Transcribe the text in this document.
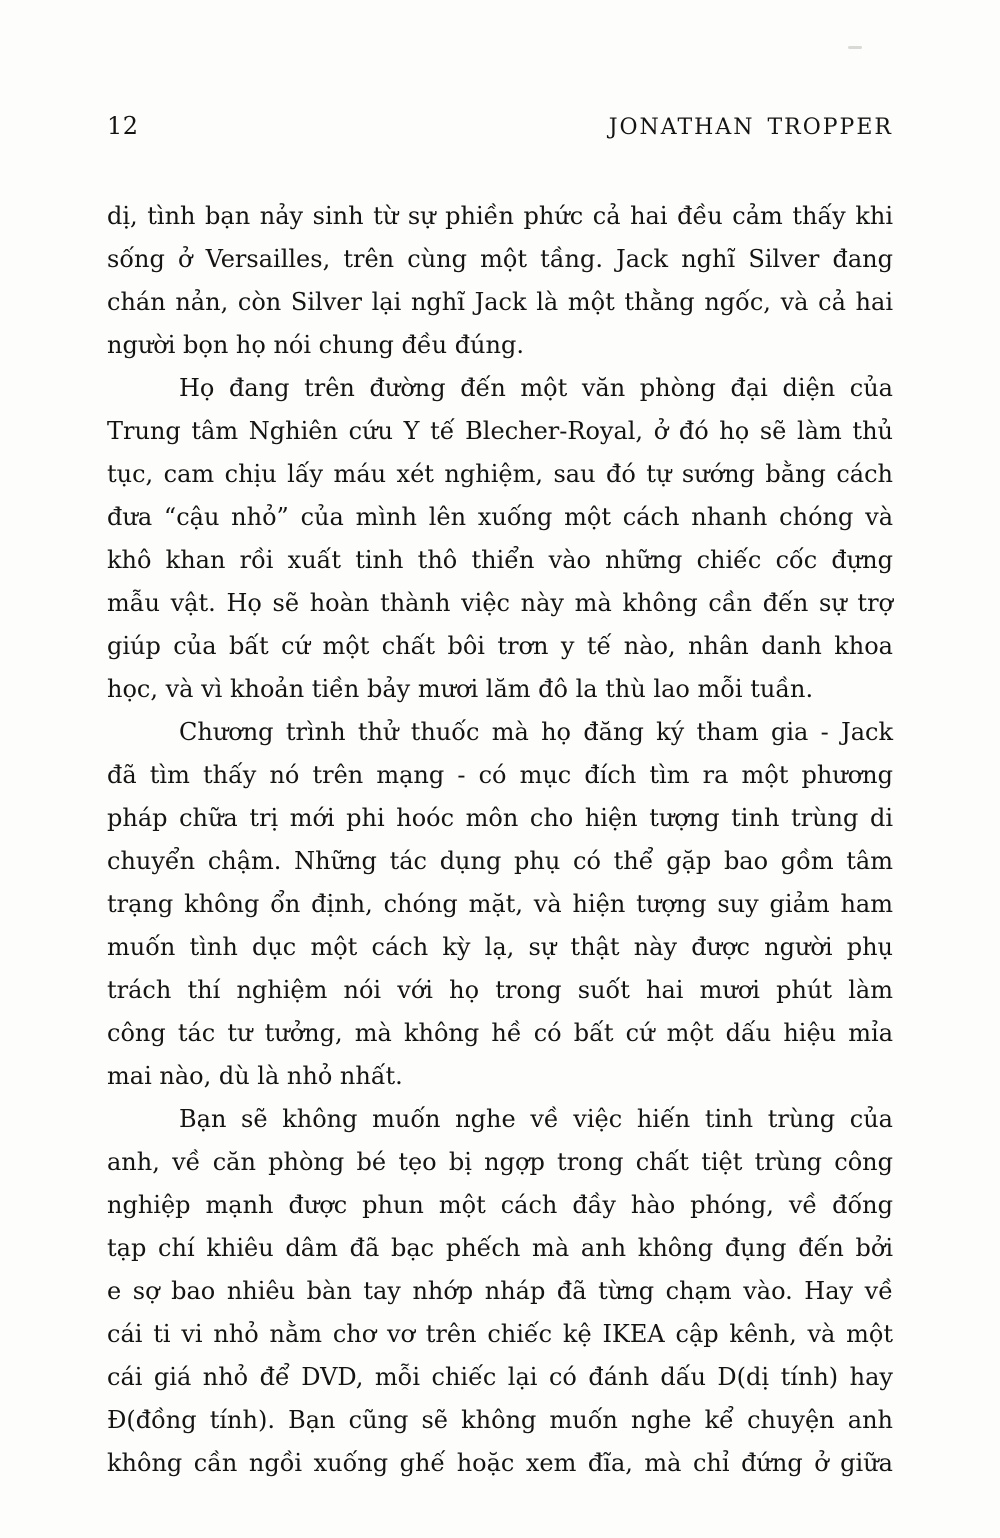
12	JONATHAN TROPPER
dị, tình bạn nảy sinh từ sự phiền phức cả hai đều cảm thấy khi
sống ở Versailles, trên cùng một tầng. Jack nghĩ Silver đang
chán nản, còn Silver lại nghĩ Jack là một thằng ngốc, và cả hai
người bọn họ nói chung đều đúng.
Họ đang trên đường đến một văn phòng đại diện của
Trung tâm Nghiên cứu Y tế Blecher-Royal, ở đó họ sẽ làm thủ
tục, cam chịu lấy máu xét nghiệm, sau đó tự sướng bằng cách
đưa “cậu nhỏ” của mình lên xuống một cách nhanh chóng và
khô khan rồi xuất tinh thô thiển vào những chiếc cốc đựng
mẫu vật. Họ sẽ hoàn thành việc này mà không cần đến sự trợ
giúp của bất cứ một chất bôi trơn y tế nào, nhân danh khoa
học, và vì khoản tiền bảy mươi lăm đô la thù lao mỗi tuần.
Chương trình thử thuốc mà họ đăng ký tham gia - Jack
đã tìm thấy nó trên mạng - có mục đích tìm ra một phương
pháp chữa trị mới phi hoóc môn cho hiện tượng tinh trùng di
chuyển chậm. Những tác dụng phụ có thể gặp bao gồm tâm
trạng không ổn định, chóng mặt, và hiện tượng suy giảm ham
muốn tình dục một cách kỳ lạ, sự thật này được người phụ
trách thí nghiệm nói với họ trong suốt hai mươi phút làm
công tác tư tưởng, mà không hề có bất cứ một dấu hiệu mỉa
mai nào, dù là nhỏ nhất.
Bạn sẽ không muốn nghe về việc hiến tinh trùng của
anh, về căn phòng bé tẹo bị ngợp trong chất tiệt trùng công
nghiệp mạnh được phun một cách đầy hào phóng, về đống
tạp chí khiêu dâm đã bạc phếch mà anh không đụng đến bởi
e sợ bao nhiêu bàn tay nhớp nháp đã từng chạm vào. Hay về
cái ti vi nhỏ nằm chơ vơ trên chiếc kệ IKEA cập kênh, và một
cái giá nhỏ để DVD, mỗi chiếc lại có đánh dấu D(dị tính) hay
Đ(đồng tính). Bạn cũng sẽ không muốn nghe kể chuyện anh
không cần ngồi xuống ghế hoặc xem đĩa, mà chỉ đứng ở giữa
